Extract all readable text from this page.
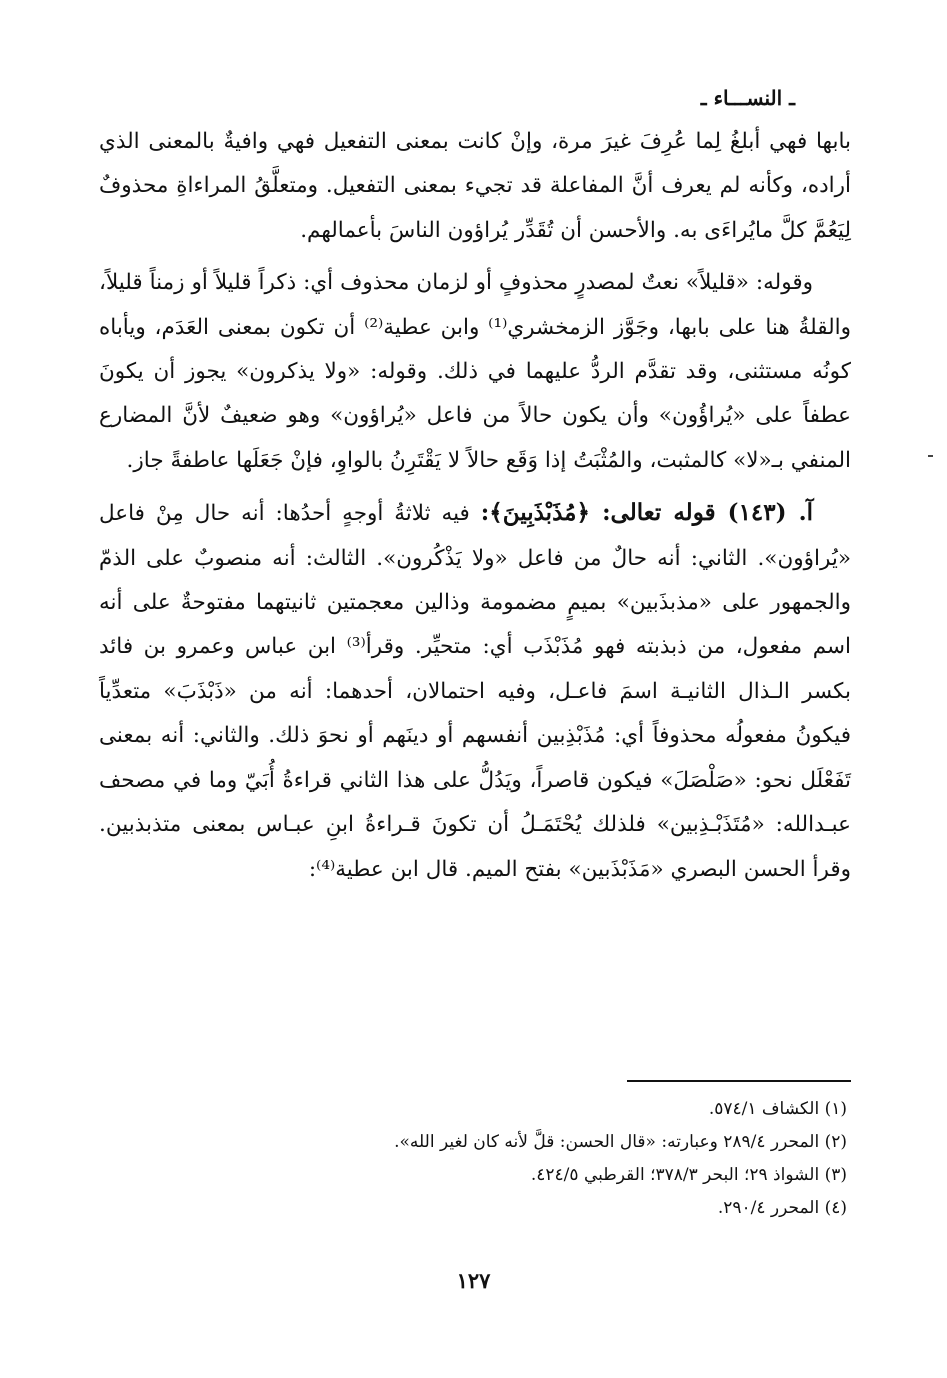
ـ النســـاء ـ

بابها فهي أبلغُ لِما عُرِفَ غيرَ مرة، وإنْ كانت بمعنى التفعيل فهي وافيةٌ بالمعنى الذي أراده، وكأنه لم يعرف أنَّ المفاعلة قد تجيء بمعنى التفعيل. ومتعلَّقُ المراءاةِ محذوفٌ لِيَعُمَّ كلَّ مايُراءَى به. والأحسن أن تُقَدِّر يُراؤون الناسَ بأعمالهم.

وقوله: «قليلاً» نعتٌ لمصدرٍ محذوفٍ أو لزمان محذوف أي: ذكراً قليلاً أو زمناً قليلاً، والقلةُ هنا على بابها، وجَوَّز الزمخشري⁽¹⁾ وابن عطية⁽²⁾ أن تكون بمعنى العَدَم، ويأباه كونُه مستثنى، وقد تقدَّم الردُّ عليهما في ذلك. وقوله: «ولا يذكرون» يجوز أن يكونَ عطفاً على «يُراؤُون» وأن يكون حالاً من فاعل «يُراؤون» وهو ضعيفٌ لأنَّ المضارع المنفي بـ«لا» كالمثبت، والمُثْبَتُ إذا وَقَع حالاً لا يَقْتَرِنُ بالواوِ، فإنْ جَعَلَها عاطفةً جاز.

آ. (١٤٣) قوله تعالى: ﴿مُذَبْذَبِينَ﴾: فيه ثلاثةُ أوجهٍ أحدُها: أنه حال مِنْ فاعل «يُراؤون». الثاني: أنه حالٌ من فاعل «ولا يَذْكُرون». الثالث: أنه منصوبٌ على الذمّ والجمهور على «مذبذَبين» بميمٍ مضمومة وذالين معجمتين ثانيتهما مفتوحةٌ على أنه اسم مفعول، من ذبذبته فهو مُذَبْذَب أي: متحيِّر. وقرأ⁽³⁾ ابن عباس وعمرو بن فائد بكسر الـذال الثانيـة اسمَ فاعـل، وفيه احتمالان، أحدهما: أنه من «ذَبْذَبَ» متعدِّياً فيكونُ مفعولُه محذوفاً أي: مُذَبْذِبين أنفسهم أو دينَهم أو نحوَ ذلك. والثاني: أنه بمعنى تَفَعْلَل نحو: «صَلْصَلَ» فيكون قاصراً، ويَدُلُّ على هذا الثاني قراءةُ أُبَيّ وما في مصحف عبـدالله: «مُتَذَبْـذِبين» فلذلك يُحْتَمَـلُ أن تكونَ قـراءةُ ابنِ عبـاس بمعنى متذبذبين. وقرأ الحسن البصري «مَذَبْذَبين» بفتح الميم. قال ابن عطية⁽⁴⁾:

(١) الكشاف ٥٧٤/١.
(٢) المحرر ٢٨٩/٤ وعبارته: «قال الحسن: قلَّ لأنه كان لغير الله».
(٣) الشواذ ٢٩؛ البحر ٣٧٨/٣؛ القرطبي ٤٢٤/٥.
(٤) المحرر ٢٩٠/٤.
١٢٧
